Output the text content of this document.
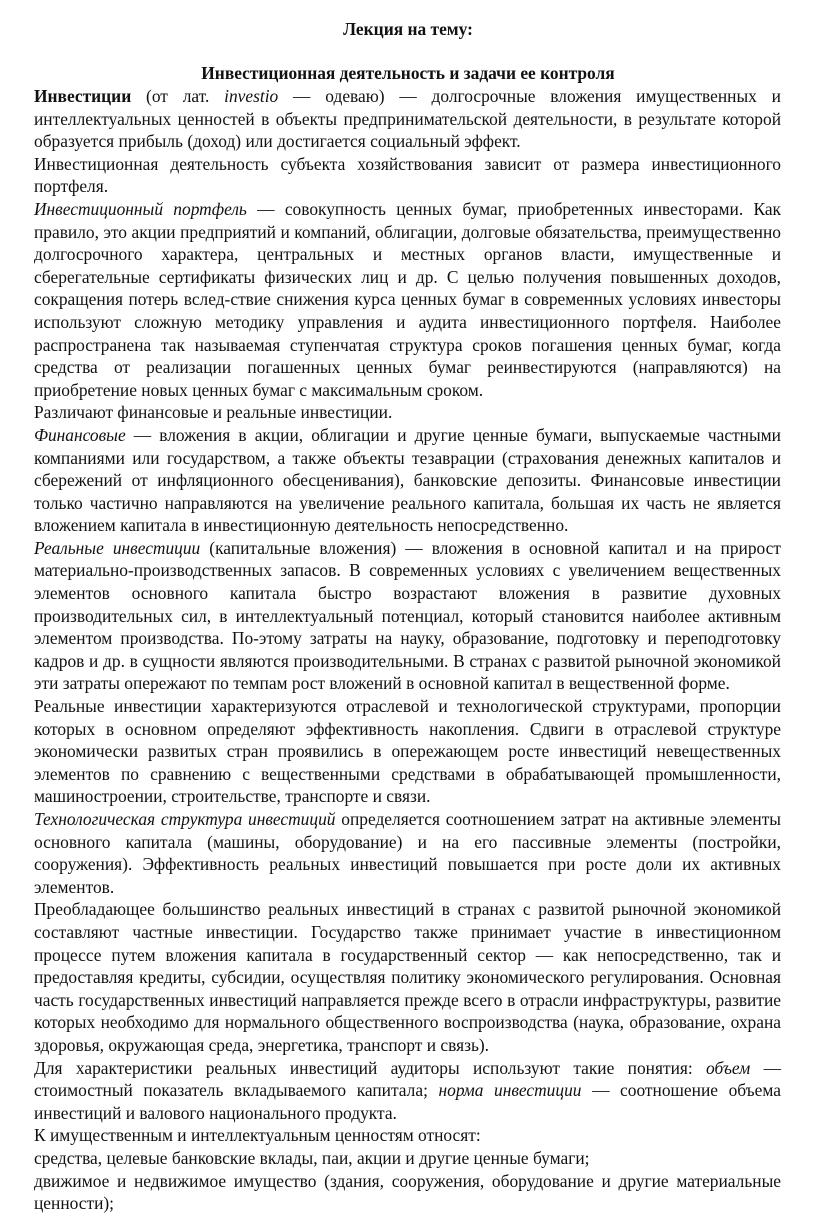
Лекция на тему:
Инвестиционная деятельность и задачи ее контроля

Инвестиции (от лат. investio — одеваю) — долгосрочные вложения имущественных и интеллектуальных ценностей в объекты предпринимательской деятельности, в результате которой образуется прибыль (доход) или достигается социальный эффект.

Инвестиционная деятельность субъекта хозяйствования зависит от размера инвестиционного портфеля.

Инвестиционный портфель — совокупность ценных бумаг, приобретенных инвесторами. Как правило, это акции предприятий и компаний, облигации, долговые обязательства, преимущественно долгосрочного характера, центральных и местных органов власти, имущественные и сберегательные сертификаты физических лиц и др. С целью получения повышенных доходов, сокращения потерь вслед-ствие снижения курса ценных бумаг в современных условиях инвесторы используют сложную методику управления и аудита инвестиционного портфеля. Наиболее распространена так называемая ступенчатая структура сроков погашения ценных бумаг, когда средства от реализации погашенных ценных бумаг реинвестируются (направляются) на приобретение новых ценных бумаг с максимальным сроком.

Различают финансовые и реальные инвестиции.

Финансовые — вложения в акции, облигации и другие ценные бумаги, выпускаемые частными компаниями или государством, а также объекты тезаврации (страхования денежных капиталов и сбережений от инфляционного обесценивания), банковские депозиты. Финансовые инвестиции только частично направляются на увеличение реального капитала, большая их часть не является вложением капитала в инвестиционную деятельность непосредственно.

Реальные инвестиции (капитальные вложения) — вложения в основной капитал и на прирост материально-производственных запасов. В современных условиях с увеличением вещественных элементов основного капитала быстро возрастают вложения в развитие духовных производительных сил, в интеллектуальный потенциал, который становится наиболее активным элементом производства. По-этому затраты на науку, образование, подготовку и переподготовку кадров и др. в сущности являются производительными. В странах с развитой рыночной экономикой эти затраты опережают по темпам рост вложений в основной капитал в вещественной форме.

Реальные инвестиции характеризуются отраслевой и технологической структурами, пропорции которых в основном определяют эффективность накопления. Сдвиги в отраслевой структуре экономически развитых стран проявились в опережающем росте инвестиций невещественных элементов по сравнению с вещественными средствами в обрабатывающей промышленности, машиностроении, строительстве, транспорте и связи.

Технологическая структура инвестиций определяется соотношением затрат на активные элементы основного капитала (машины, оборудование) и на его пассивные элементы (постройки, сооружения). Эффективность реальных инвестиций повышается при росте доли их активных элементов.

Преобладающее большинство реальных инвестиций в странах с развитой рыночной экономикой составляют частные инвестиции. Государство также принимает участие в инвестиционном процессе путем вложения капитала в государственный сектор — как непосредственно, так и предоставляя кредиты, субсидии, осуществляя политику экономического регулирования. Основная часть государственных инвестиций направляется прежде всего в отрасли инфраструктуры, развитие которых необходимо для нормального общественного воспроизводства (наука, образование, охрана здоровья, окружающая среда, энергетика, транспорт и связь).

Для характеристики реальных инвестиций аудиторы используют такие понятия: объем — стоимостный показатель вкладываемого капитала; норма инвестиции — соотношение объема инвестиций и валового национального продукта.

К имущественным и интеллектуальным ценностям относят:

средства, целевые банковские вклады, паи, акции и другие ценные бумаги;

движимое и недвижимое имущество (здания, сооружения, оборудование и другие материальные ценности);
